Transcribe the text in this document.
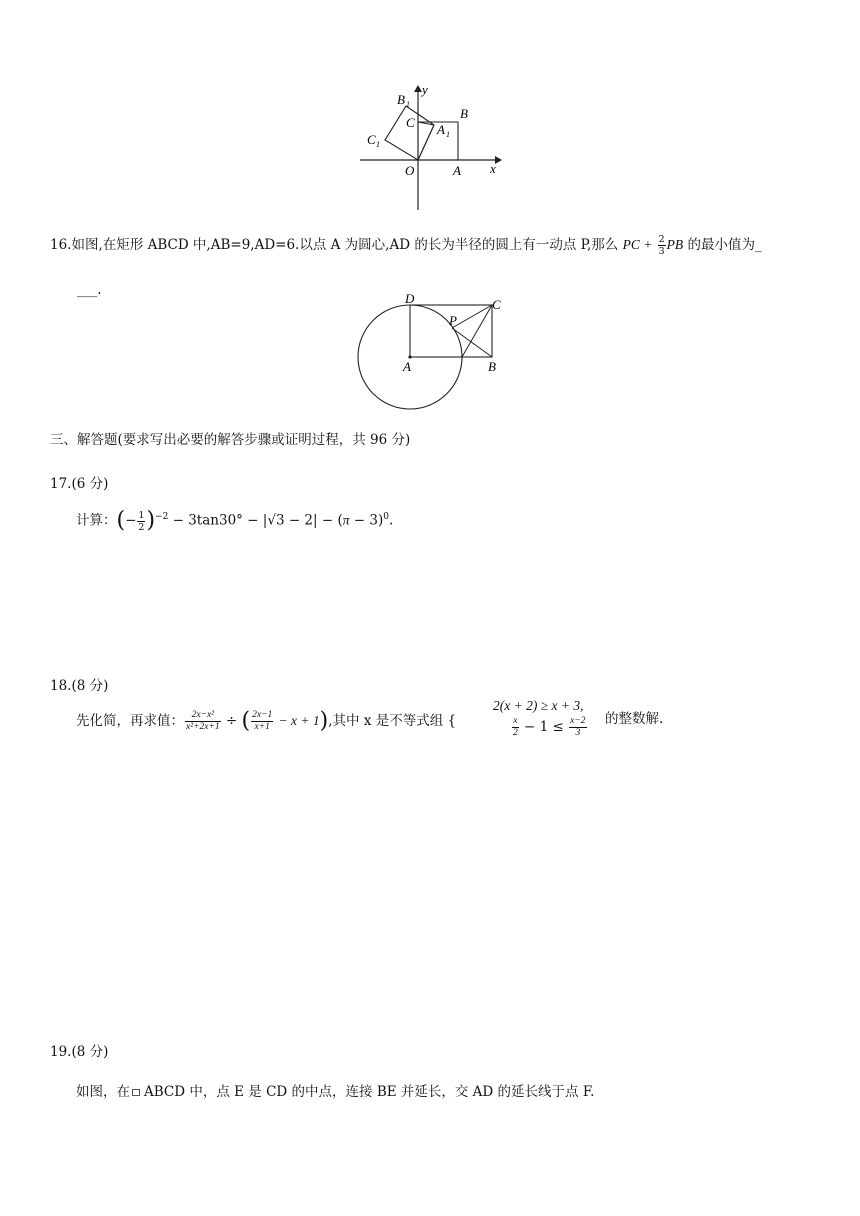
B 1
y
C
B
A 1
C 1
O	A x
16.如图,在矩形 ABCD 中,AB=9,AD=6.以点 A 为圆心,AD 的长为半径的圆上有一动点 P,那么 PC + $\frac{2}{3}$ PB 的最小值为_
___.
D	C
P
A	B
三、解答题(要求写出必要的解答步骤或证明过程，共 96 分)
17.(6 分)
计算：(− $\frac{1}{2} )^{-2} - 3\tan 30^\circ - |√3 - 2| - (\pi - 3)^0$.
18.(8 分)
先化简，再求值： $\frac{\text{2x−x²}}{\text{x²+2x+1}}$ ÷ ( $\frac{2x-1}{x+1} - x + 1$),其中 x 是不等式组 {
2(x + 2) ≥ x + 3,
$\frac{x}{2} - 1 \le \frac{x-2}{3}$ 的整数解.
19.(8 分)
如图，在 ABCD 中，点 E 是 CD 的中点，连接 BE 并延长，交 AD 的延长线于点 F.
